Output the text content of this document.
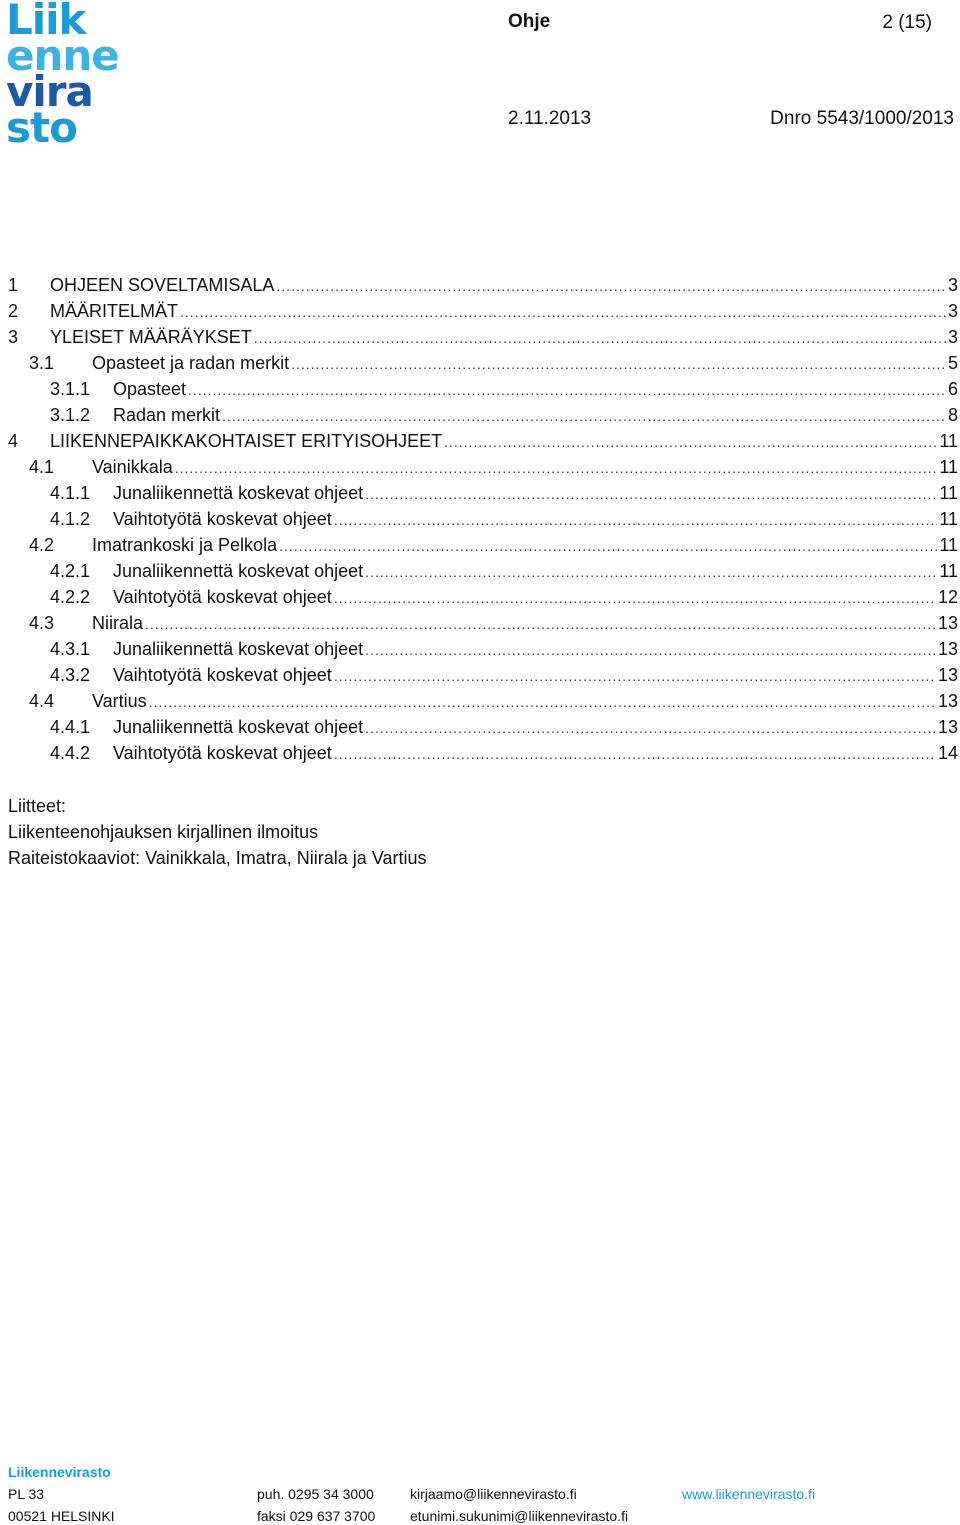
Liik
enne
vira
sto
Ohje	2 (15)
2.11.2013	Dnro 5543/1000/2013
1	OHJEEN SOVELTAMISALA .....	3
2	MÄÄRITELMÄT .....	3
3	YLEISET MÄÄRÄYKSET .....	3
3.1	Opasteet ja radan merkit .....	5
3.1.1	Opasteet .....	6
3.1.2	Radan merkit .....	8
4	LIIKENNEPAIKKAKOHTAISET ERITYISOHJEET .....	11
4.1	Vainikkala .....	11
4.1.1	Junaliikennettä koskevat ohjeet .....	11
4.1.2	Vaihtotyötä koskevat ohjeet .....	11
4.2	Imatrankoski ja Pelkola .....	11
4.2.1	Junaliikennettä koskevat ohjeet .....	11
4.2.2	Vaihtotyötä koskevat ohjeet .....	12
4.3	Niirala .....	13
4.3.1	Junaliikennettä koskevat ohjeet .....	13
4.3.2	Vaihtotyötä koskevat ohjeet .....	13
4.4	Vartius .....	13
4.4.1	Junaliikennettä koskevat ohjeet .....	13
4.4.2	Vaihtotyötä koskevat ohjeet .....	14
Liitteet:
Liikenteenohjauksen kirjallinen ilmoitus
Raiteistokaaviot: Vainikkala, Imatra, Niirala ja Vartius
Liikennevirasto
PL 33
00521 HELSINKI
puh. 0295 34 3000
faksi 029 637 3700
kirjaamo@liikennevirasto.fi
etunimi.sukunimi@liikennevirasto.fi
www.liikennevirasto.fi
